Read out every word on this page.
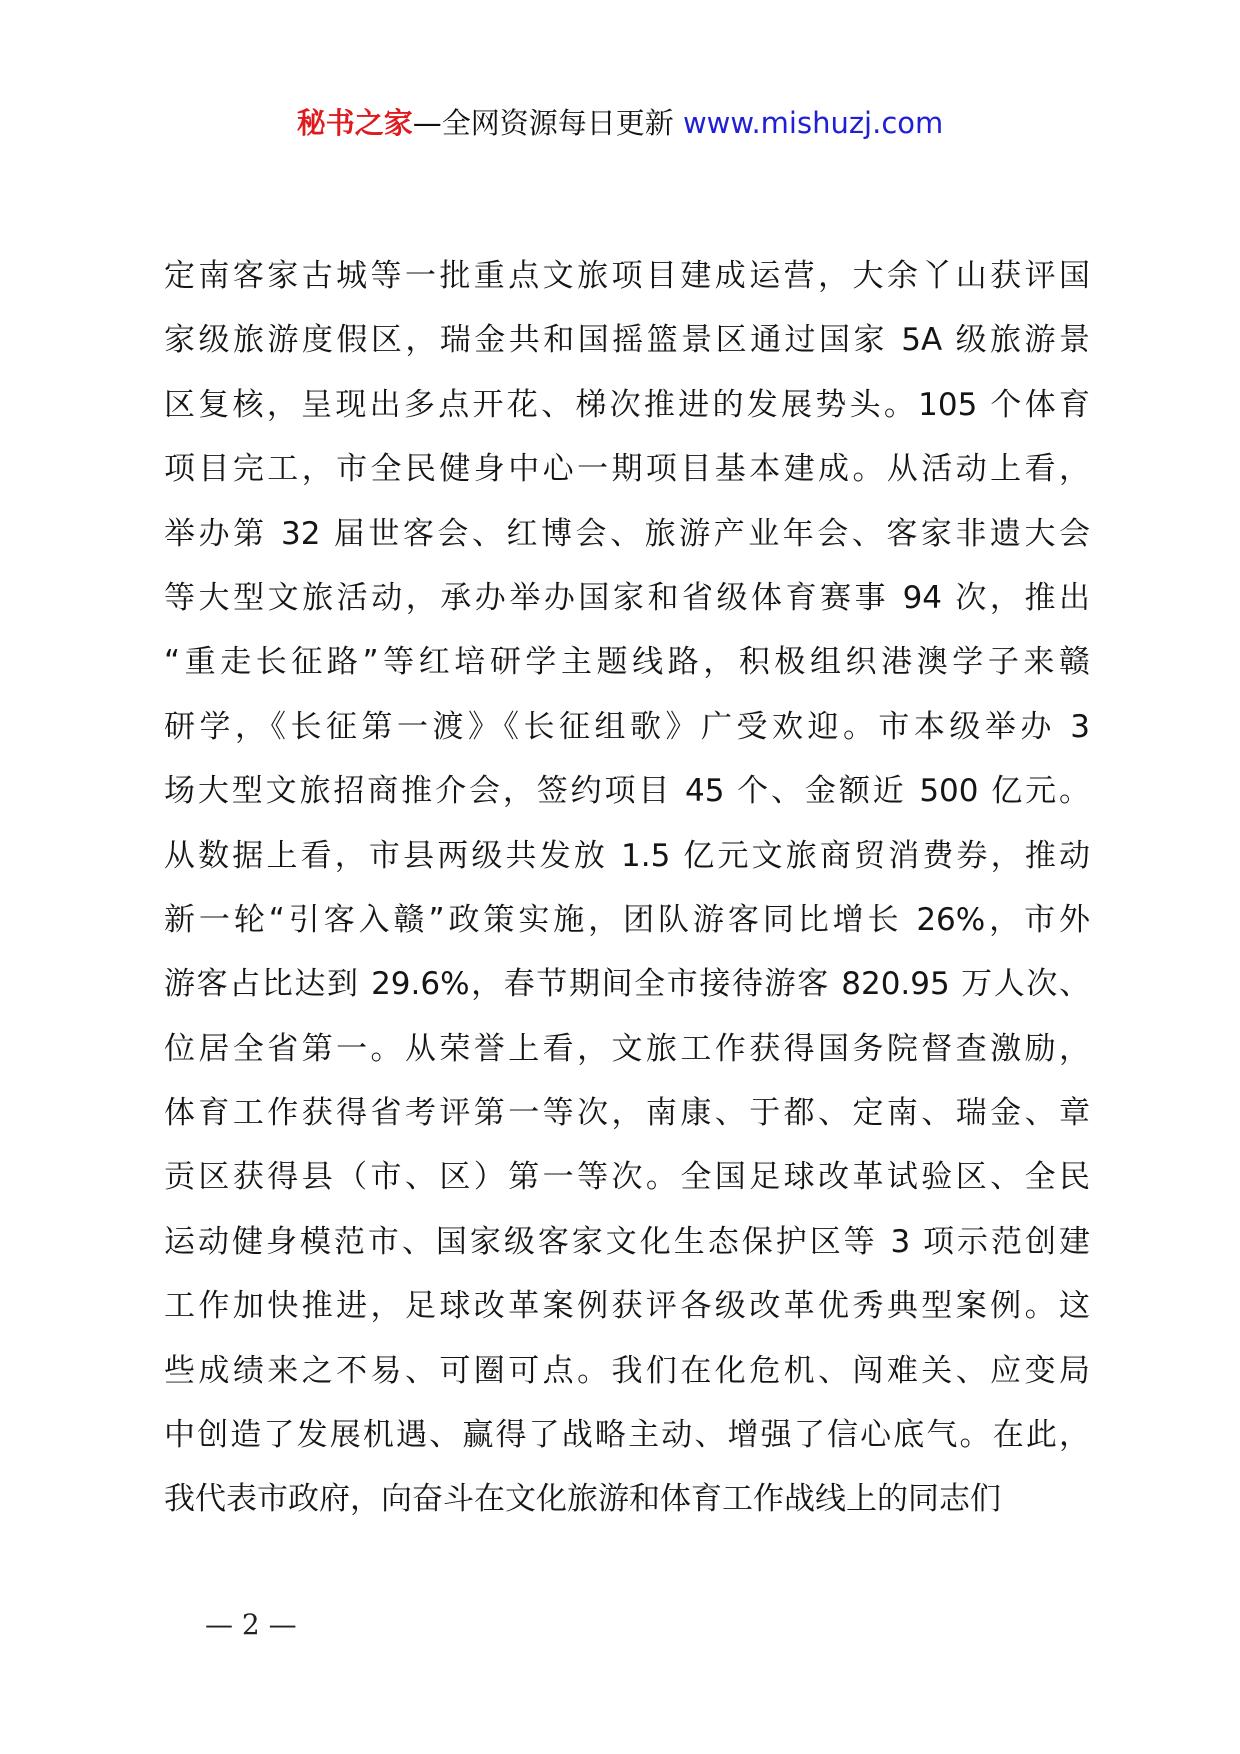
秘书之家—全网资源每日更新 www.mishuzj.com
定南客家古城等一批重点文旅项目建成运营，大余丫山获评国
家级旅游度假区，瑞金共和国摇篮景区通过国家 5A 级旅游景
区复核，呈现出多点开花、梯次推进的发展势头。105 个体育
项目完工，市全民健身中心一期项目基本建成。从活动上看，
举办第 32 届世客会、红博会、旅游产业年会、客家非遗大会
等大型文旅活动，承办举办国家和省级体育赛事 94 次，推出
“重走长征路”等红培研学主题线路，积极组织港澳学子来赣
研学，《长征第一渡》《长征组歌》广受欢迎。市本级举办 3
场大型文旅招商推介会，签约项目 45 个、金额近 500 亿元。
从数据上看，市县两级共发放 1.5 亿元文旅商贸消费券，推动
新一轮“引客入赣”政策实施，团队游客同比增长 26%，市外
游客占比达到 29.6%，春节期间全市接待游客 820.95 万人次、
位居全省第一。从荣誉上看，文旅工作获得国务院督查激励，
体育工作获得省考评第一等次，南康、于都、定南、瑞金、章
贡区获得县（市、区）第一等次。全国足球改革试验区、全民
运动健身模范市、国家级客家文化生态保护区等 3 项示范创建
工作加快推进，足球改革案例获评各级改革优秀典型案例。这
些成绩来之不易、可圈可点。我们在化危机、闯难关、应变局
中创造了发展机遇、赢得了战略主动、增强了信心底气。在此，
我代表市政府，向奋斗在文化旅游和体育工作战线上的同志们
— 2 —
